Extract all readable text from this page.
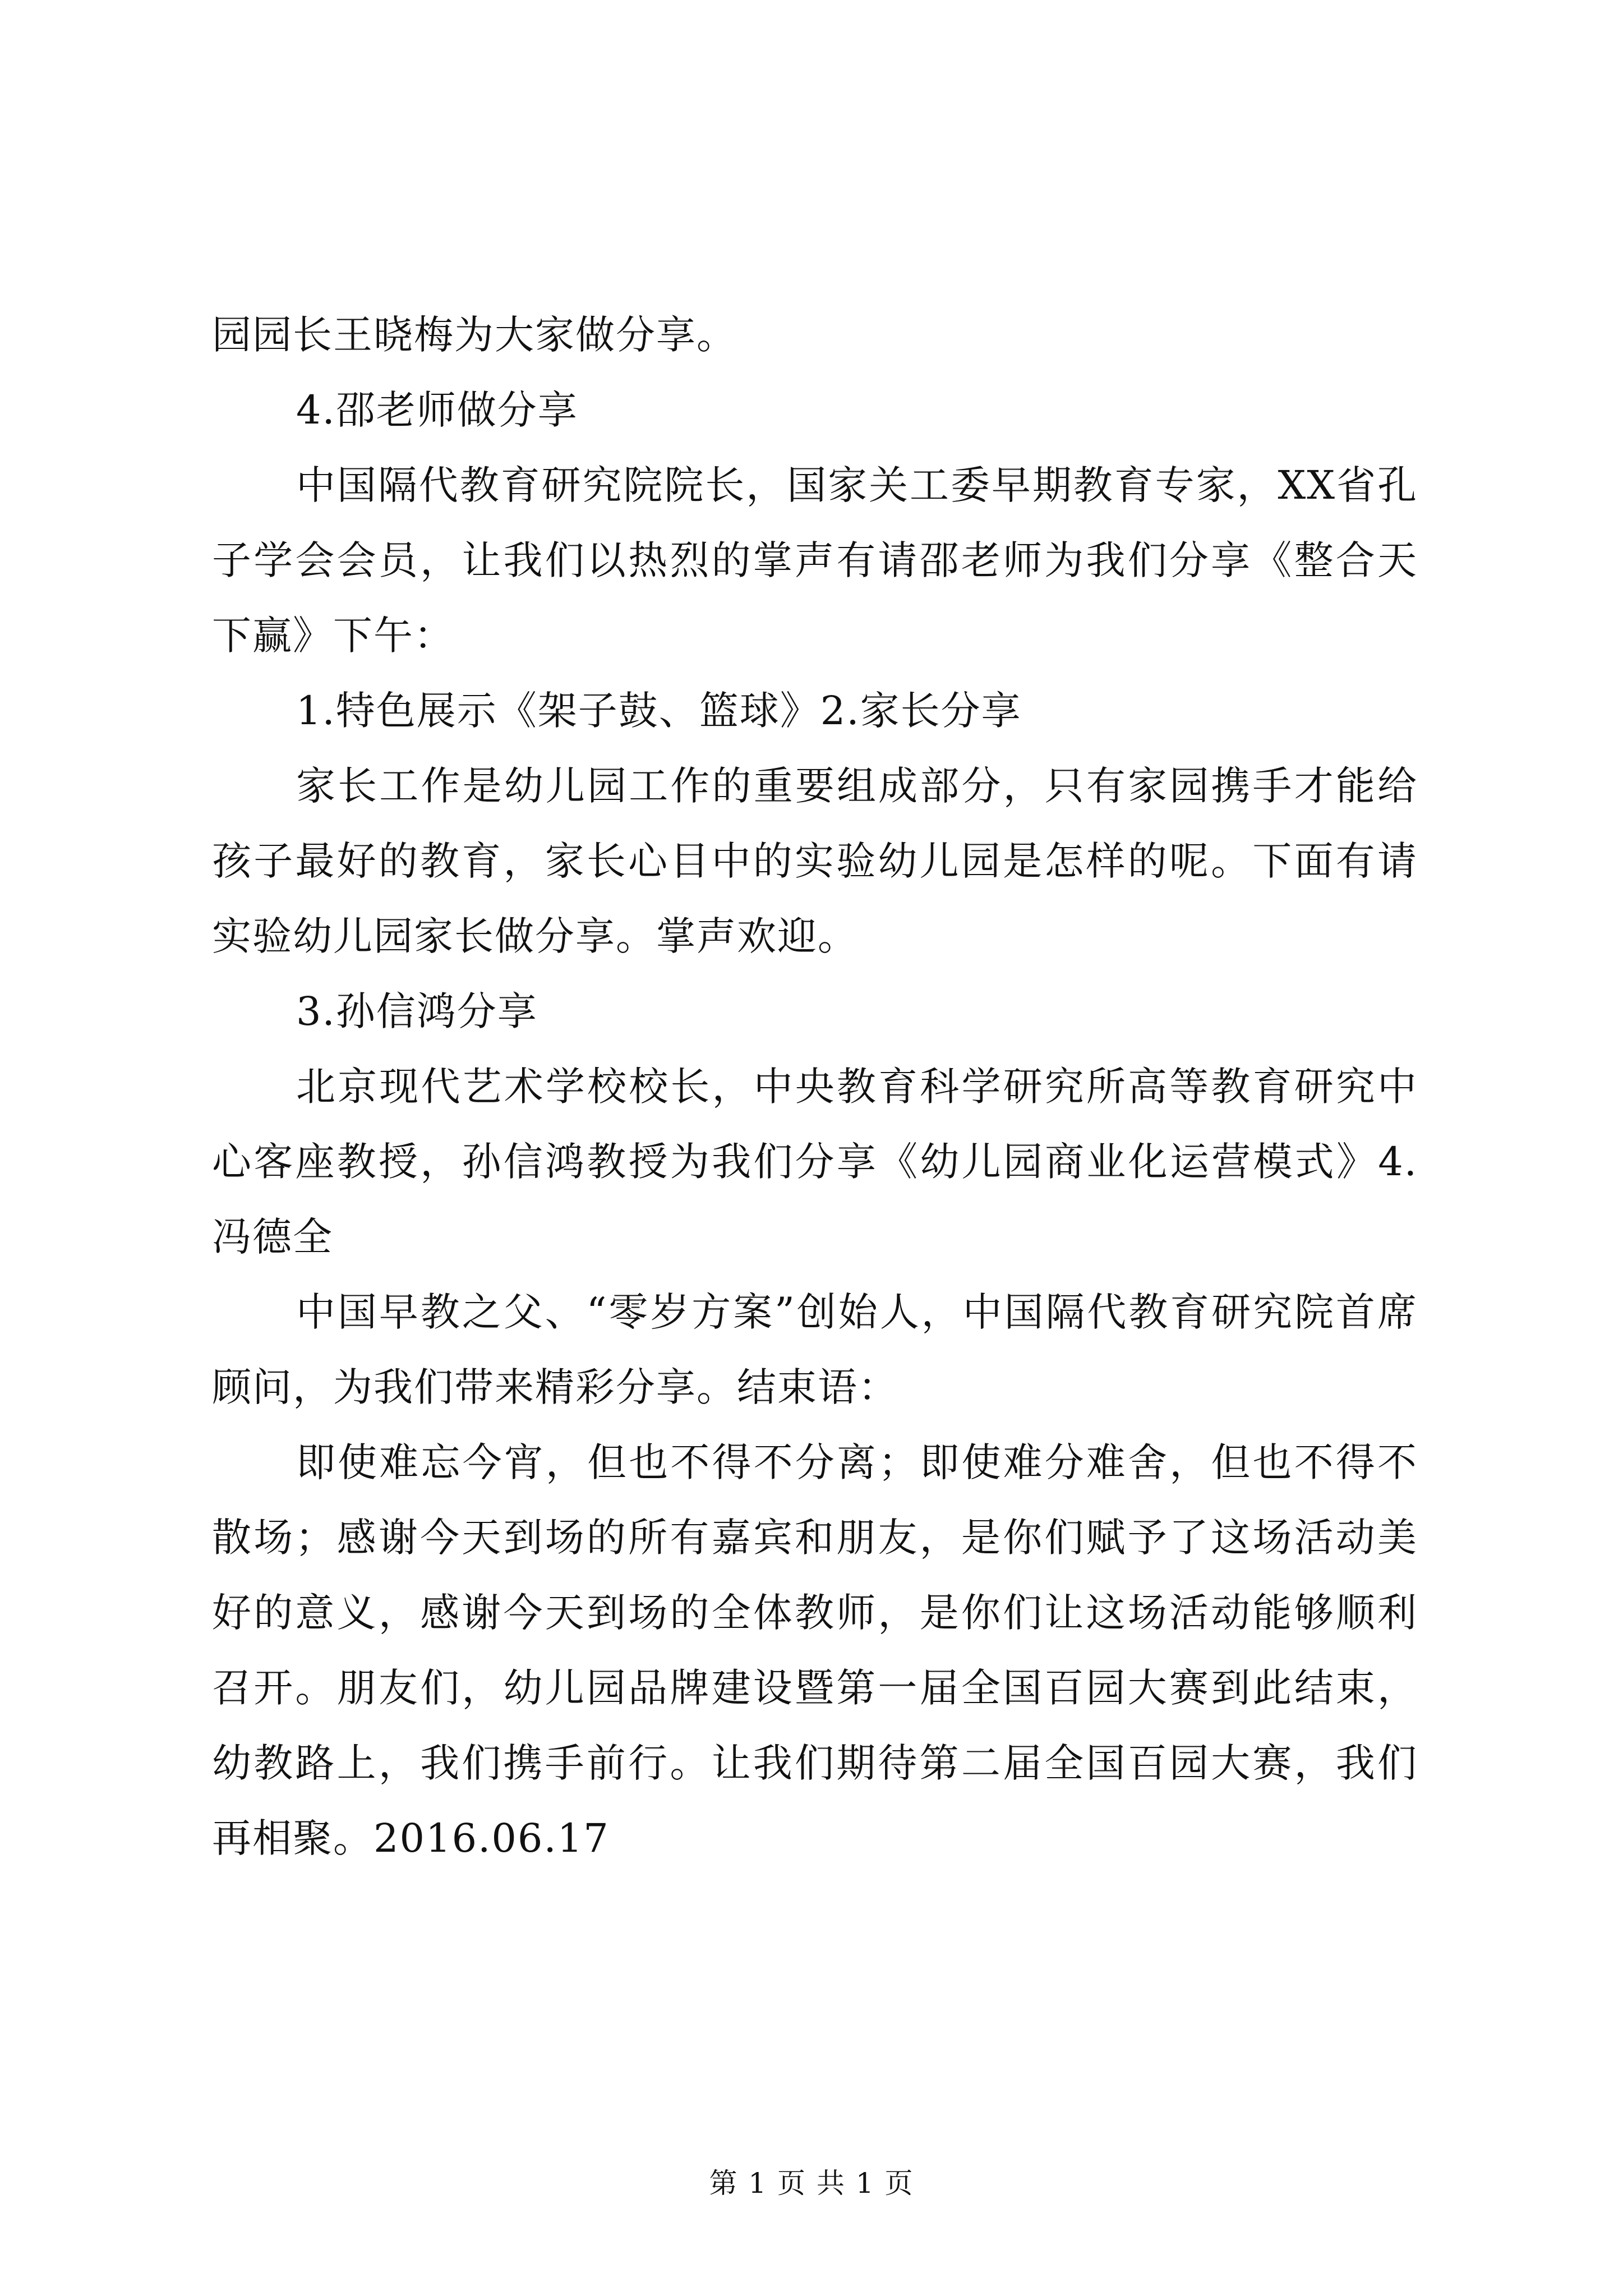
园园长王晓梅为大家做分享。

4.邵老师做分享

中国隔代教育研究院院长，国家关工委早期教育专家，XX省孔子学会会员，让我们以热烈的掌声有请邵老师为我们分享《整合天下赢》下午：

1.特色展示《架子鼓、篮球》2.家长分享

家长工作是幼儿园工作的重要组成部分，只有家园携手才能给孩子最好的教育，家长心目中的实验幼儿园是怎样的呢。下面有请实验幼儿园家长做分享。掌声欢迎。

3.孙信鸿分享

北京现代艺术学校校长，中央教育科学研究所高等教育研究中心客座教授，孙信鸿教授为我们分享《幼儿园商业化运营模式》4.冯德全

中国早教之父、“零岁方案”创始人，中国隔代教育研究院首席顾问，为我们带来精彩分享。结束语：

即使难忘今宵，但也不得不分离；即使难分难舍，但也不得不散场；感谢今天到场的所有嘉宾和朋友，是你们赋予了这场活动美好的意义，感谢今天到场的全体教师，是你们让这场活动能够顺利召开。朋友们，幼儿园品牌建设暨第一届全国百园大赛到此结束，幼教路上，我们携手前行。让我们期待第二届全国百园大赛，我们再相聚。2016.06.17

第 1 页 共 1 页
